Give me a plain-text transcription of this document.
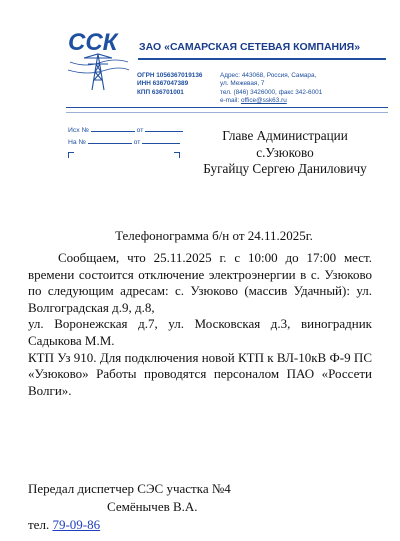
ССК ЗАО «САМАРСКАЯ СЕТЕВАЯ КОМПАНИЯ»
ОГРН 1056367019136
ИНН 6367047389
КПП 636701001
Адрес: 443068, Россия, Самара,
ул. Межевая, 7
тел. (846) 3426000, факс 342-6001
e-mail: office@ssk63.ru
Исх №	от
На №	от	Главе Администрации
с.Узюково
Бугайцу Сергею Даниловичу
Телефонограмма б/н от 24.11.2025г.

Сообщаем, что 25.11.2025 г. с 10:00 до 17:00 мест. времени состоится отключение электроэнергии в с. Узюково по следующим адресам: с. Узюково (массив Удачный): ул. Волгоградская д.9, д.8,

ул. Воронежская д.7, ул. Московская д.3, виноградник Садыкова М.М.

КТП Уз 910. Для подключения новой КТП к ВЛ-10кВ Ф-9 ПС «Узюково» Работы проводятся персоналом ПАО «Россети Волги».

Передал диспетчер СЭС участка №4
Семёнычев В.А.
тел. 79-09-86
